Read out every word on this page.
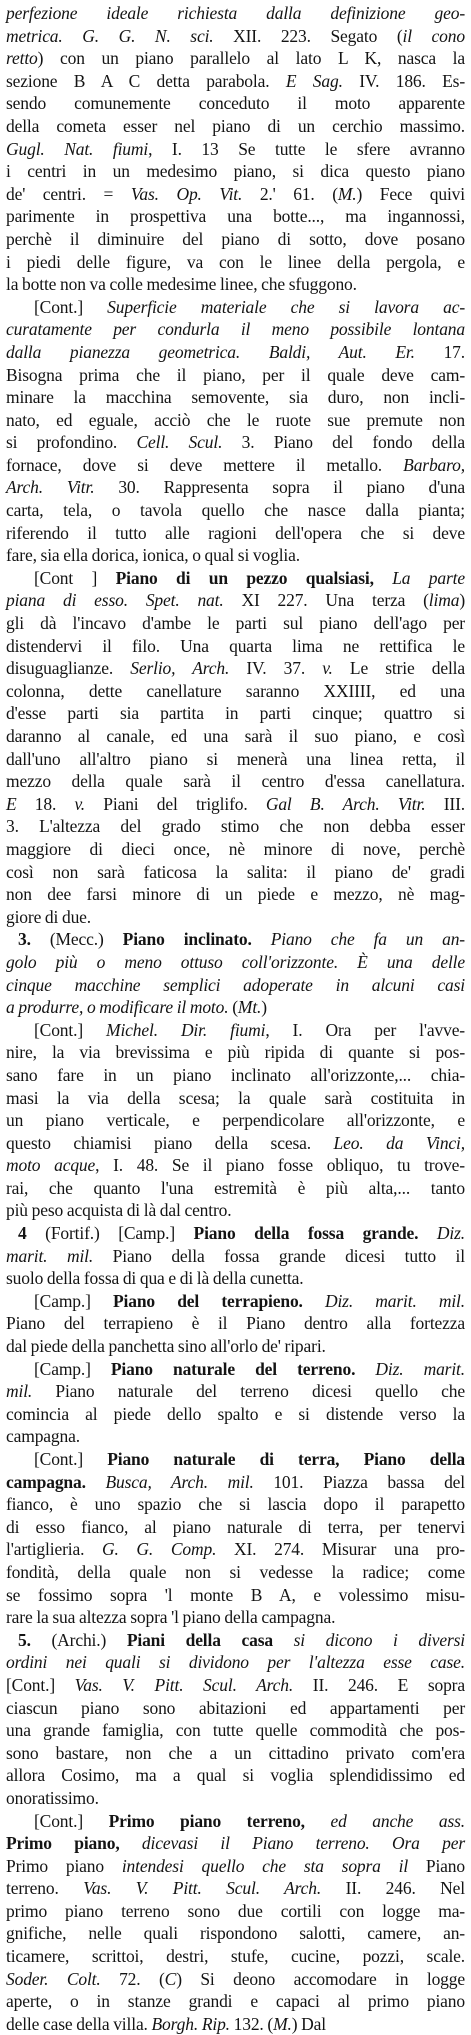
perfezione ideale richiesta dalla definizione geo-
metrica. G. G. N. sci. XII. 223. Segato (il cono
retto) con un piano parallelo al lato L K, nasca la
sezione B A C detta parabola. E Sag. IV. 186. Es-
sendo comunemente conceduto il moto apparente
della cometa esser nel piano di un cerchio massimo.
Gugl. Nat. fiumi, I. 13 Se tutte le sfere avranno
i centri in un medesimo piano, si dica questo piano
de' centri. = Vas. Op. Vit. 2.' 61. (M.) Fece quivi
parimente in prospettiva una botte..., ma ingannossi,
perchè il diminuire del piano di sotto, dove posano
i piedi delle figure, va con le linee della pergola, e
la botte non va colle medesime linee, che sfuggono.
[Cont.] Superficie materiale che si lavora ac-
curatamente per condurla il meno possibile lontana
dalla pianezza geometrica. Baldi, Aut. Er. 17.
Bisogna prima che il piano, per il quale deve cam-
minare la macchina semovente, sia duro, non incli-
nato, ed eguale, acciò che le ruote sue premute non
si profondino. Cell. Scul. 3. Piano del fondo della
fornace, dove si deve mettere il metallo. Barbaro,
Arch. Vitr. 30. Rappresenta sopra il piano d'una
carta, tela, o tavola quello che nasce dalla pianta;
riferendo il tutto alle ragioni dell'opera che si deve
fare, sia ella dorica, ionica, o qual si voglia.
[Cont ] Piano di un pezzo qualsiasi, La parte
piana di esso. Spet. nat. XI 227. Una terza (lima)
gli dà l'incavo d'ambe le parti sul piano dell'ago per
distendervi il filo. Una quarta lima ne rettifica le
disuguaglianze. Serlio, Arch. IV. 37. v. Le strie della
colonna, dette canellature saranno XXIIII, ed una
d'esse parti sia partita in parti cinque; quattro si
daranno al canale, ed una sarà il suo piano, e così
dall'uno all'altro piano si menerà una linea retta, il
mezzo della quale sarà il centro d'essa canellatura.
E 18. v. Piani del triglifo. Gal B. Arch. Vitr. III.
3. L'altezza del grado stimo che non debba esser
maggiore di dieci once, nè minore di nove, perchè
così non sarà faticosa la salita: il piano de' gradi
non dee farsi minore di un piede e mezzo, nè mag-
giore di due.
3. (Mecc.) Piano inclinato. Piano che fa un an-
golo più o meno ottuso coll'orizzonte. È una delle
cinque macchine semplici adoperate in alcuni casi
a produrre, o modificare il moto. (Mt.)
[Cont.] Michel. Dir. fiumi, I. Ora per l'avve-
nire, la via brevissima e più ripida di quante si pos-
sano fare in un piano inclinato all'orizzonte,... chia-
masi la via della scesa; la quale sarà costituita in
un piano verticale, e perpendicolare all'orizzonte, e
questo chiamisi piano della scesa. Leo. da Vinci,
moto acque, I. 48. Se il piano fosse obliquo, tu trove-
rai, che quanto l'una estremità è più alta,... tanto
più peso acquista di là dal centro.
4 (Fortif.) [Camp.] Piano della fossa grande. Diz.
marit. mil. Piano della fossa grande dicesi tutto il
suolo della fossa di qua e di là della cunetta.
[Camp.] Piano del terrapieno. Diz. marit. mil.
Piano del terrapieno è il Piano dentro alla fortezza
dal piede della panchetta sino all'orlo de' ripari.
[Camp.] Piano naturale del terreno. Diz. marit.
mil. Piano naturale del terreno dicesi quello che
comincia al piede dello spalto e si distende verso la
campagna.
[Cont.] Piano naturale di terra, Piano della
campagna. Busca, Arch. mil. 101. Piazza bassa del
fianco, è uno spazio che si lascia dopo il parapetto
di esso fianco, al piano naturale di terra, per tenervi
l'artiglieria. G. G. Comp. XI. 274. Misurar una pro-
fondità, della quale non si vedesse la radice; come
se fossimo sopra 'l monte B A, e volessimo misu-
rare la sua altezza sopra 'l piano della campagna.
5. (Archi.) Piani della casa si dicono i diversi
ordini nei quali si dividono per l'altezza esse case.
[Cont.] Vas. V. Pitt. Scul. Arch. II. 246. E sopra
ciascun piano sono abitazioni ed appartamenti per
una grande famiglia, con tutte quelle commodità che pos-
sono bastare, non che a un cittadino privato com'era
allora Cosimo, ma a qual si voglia splendidissimo ed
onoratissimo.
[Cont.] Primo piano terreno, ed anche ass.
Primo piano, dicevasi il Piano terreno. Ora per
Primo piano intendesi quello che sta sopra il Piano
terreno. Vas. V. Pitt. Scul. Arch. II. 246. Nel
primo piano terreno sono due cortili con logge ma-
gnifiche, nelle quali rispondono salotti, camere, an-
ticamere, scrittoi, destri, stufe, cucine, pozzi, scale.
Soder. Colt. 72. (C) Si deono accomodare in logge
aperte, o in stanze grandi e capaci al primo piano
delle case della villa. Borgh. Rip. 132. (M.) Dal
